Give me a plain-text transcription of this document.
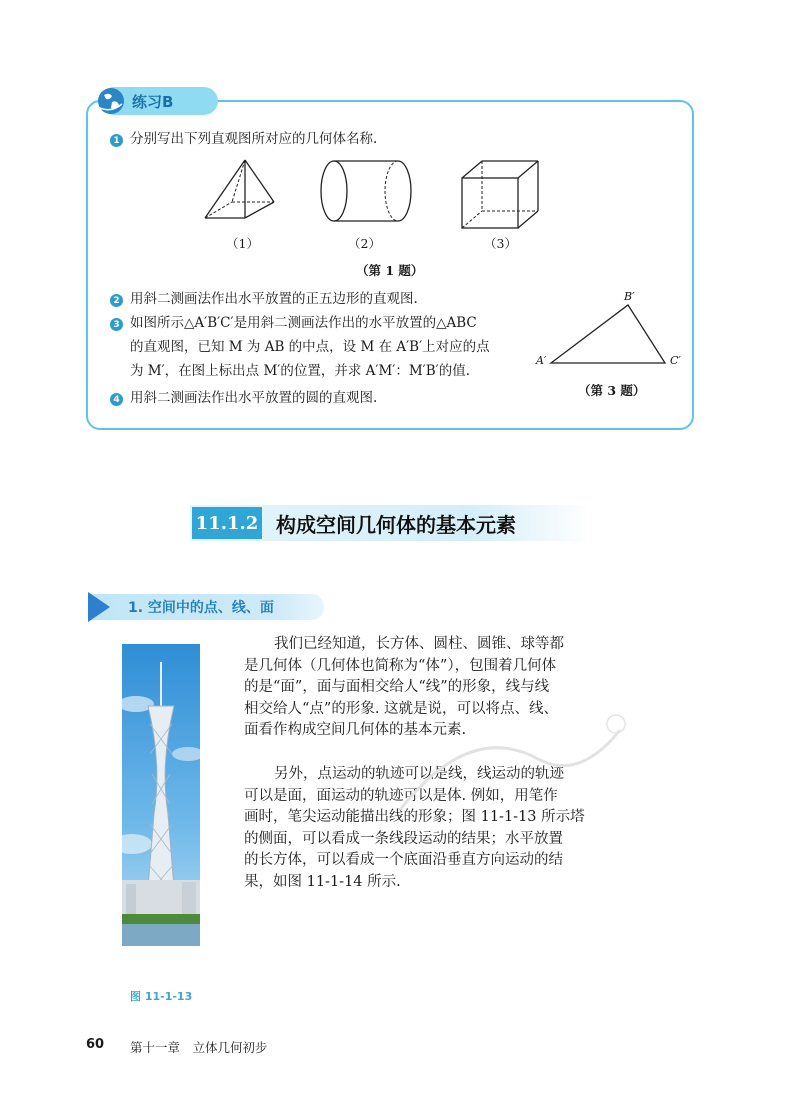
练习B
1 分别写出下列直观图所对应的几何体名称.
（1）	（2）	（3）
（第 1 题）
2 用斜二测画法作出水平放置的正五边形的直观图.
3 如图所示△A′B′C′是用斜二测画法作出的水平放置的△ABC
的直观图，已知 M 为 AB 的中点，设 M 在 A′B′上对应的点
为 M′，在图上标出点 M′的位置，并求 A′M′：M′B′的值.
A′
B′
C′
（第 3 题）
4 用斜二测画法作出水平放置的圆的直观图.
11.1.2 构成空间几何体的基本元素
1. 空间中的点、线、面
图 11-1-13
我们已经知道，长方体、圆柱、圆锥、球等都
是几何体（几何体也简称为“体”），包围着几何体
的是“面”，面与面相交给人“线”的形象，线与线
相交给人“点”的形象. 这就是说，可以将点、线、
面看作构成空间几何体的基本元素.
另外，点运动的轨迹可以是线，线运动的轨迹
可以是面，面运动的轨迹可以是体. 例如，用笔作
画时，笔尖运动能描出线的形象；图 11-1-13 所示塔
的侧面，可以看成一条线段运动的结果；水平放置
的长方体，可以看成一个底面沿垂直方向运动的结
果，如图 11-1-14 所示.
60 第十一章　立体几何初步
